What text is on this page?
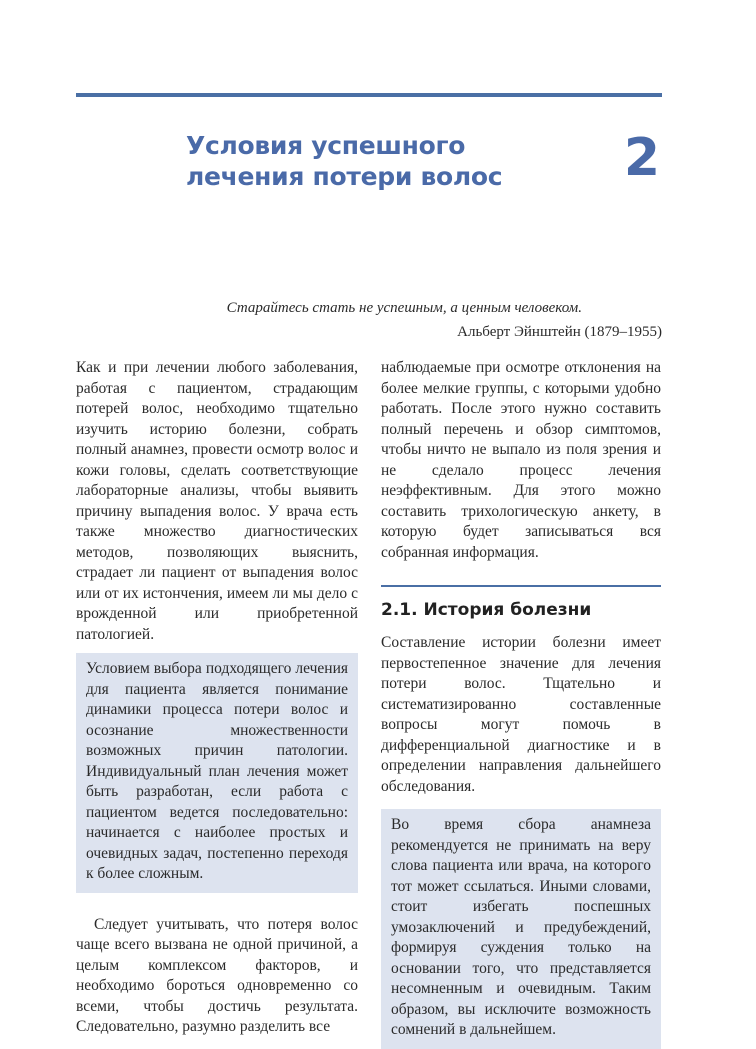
Условия успешного
лечения потери волос	2
Старайтесь стать не успешным, а ценным человеком.
Альберт Эйнштейн (1879–1955)

Как и при лечении любого заболевания, работая с пациентом, страдающим потерей волос, необходимо тщательно изучить историю болезни, собрать полный анамнез, провести осмотр волос и кожи головы, сделать соответствующие лабораторные анализы, чтобы выявить причину выпадения волос. У врача есть также множество диагностических методов, позволяющих выяснить, страдает ли пациент от выпадения волос или от их истончения, имеем ли мы дело с врожденной или приобретенной патологией.

Условием выбора подходящего лечения для пациента является понимание динамики процесса потери волос и осознание множественности возможных причин патологии. Индивидуальный план лечения может быть разработан, если работа с пациентом ведется последовательно: начинается с наиболее простых и очевидных задач, постепенно переходя к более сложным.

Следует учитывать, что потеря волос чаще всего вызвана не одной причиной, а целым комплексом факторов, и необходимо бороться одновременно со всеми, чтобы достичь результата. Следовательно, разумно разделить все

наблюдаемые при осмотре отклонения на более мелкие группы, с которыми удобно работать. После этого нужно составить полный перечень и обзор симптомов, чтобы ничто не выпало из поля зрения и не сделало процесс лечения неэффективным. Для этого можно составить трихологическую анкету, в которую будет записываться вся собранная информация.

2.1. История болезни

Составление истории болезни имеет первостепенное значение для лечения потери волос. Тщательно и систематизированно составленные вопросы могут помочь в дифференциальной диагностике и в определении направления дальнейшего обследования.

Во время сбора анамнеза рекомендуется не принимать на веру слова пациента или врача, на которого тот может ссылаться. Иными словами, стоит избегать поспешных умозаключений и предубеждений, формируя суждения только на основании того, что представляется несомненным и очевидным. Таким образом, вы исключите возможность сомнений в дальнейшем.
